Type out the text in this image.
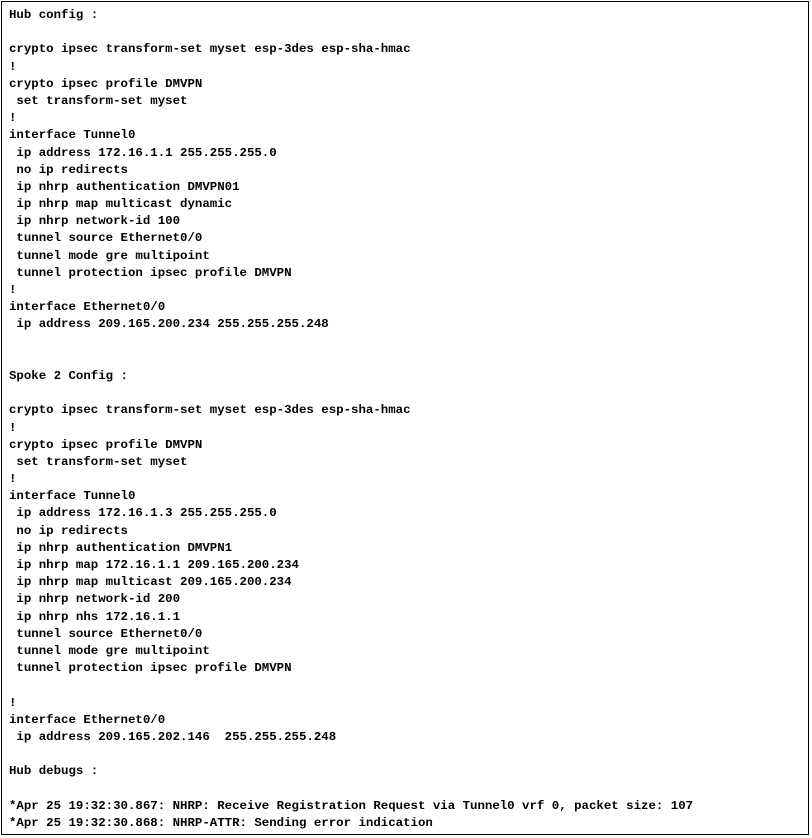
Hub config :
crypto ipsec transform-set myset esp-3des esp-sha-hmac
!
crypto ipsec profile DMVPN
set transform-set myset
!
interface Tunnel0
ip address 172.16.1.1 255.255.255.0
no ip redirects
ip nhrp authentication DMVPN01
ip nhrp map multicast dynamic
ip nhrp network-id 100
tunnel source Ethernet0/0
tunnel mode gre multipoint
tunnel protection ipsec profile DMVPN
!
interface Ethernet0/0
ip address 209.165.200.234 255.255.255.248
Spoke 2 Config :
crypto ipsec transform-set myset esp-3des esp-sha-hmac
!
crypto ipsec profile DMVPN
set transform-set myset
!
interface Tunnel0
ip address 172.16.1.3 255.255.255.0
no ip redirects
ip nhrp authentication DMVPN1
ip nhrp map 172.16.1.1 209.165.200.234
ip nhrp map multicast 209.165.200.234
ip nhrp network-id 200
ip nhrp nhs 172.16.1.1
tunnel source Ethernet0/0
tunnel mode gre multipoint
tunnel protection ipsec profile DMVPN
!
interface Ethernet0/0
ip address 209.165.202.146  255.255.255.248
Hub debugs :
*Apr 25 19:32:30.867: NHRP: Receive Registration Request via Tunnel0 vrf 0, packet size: 107
*Apr 25 19:32:30.868: NHRP-ATTR: Sending error indication
